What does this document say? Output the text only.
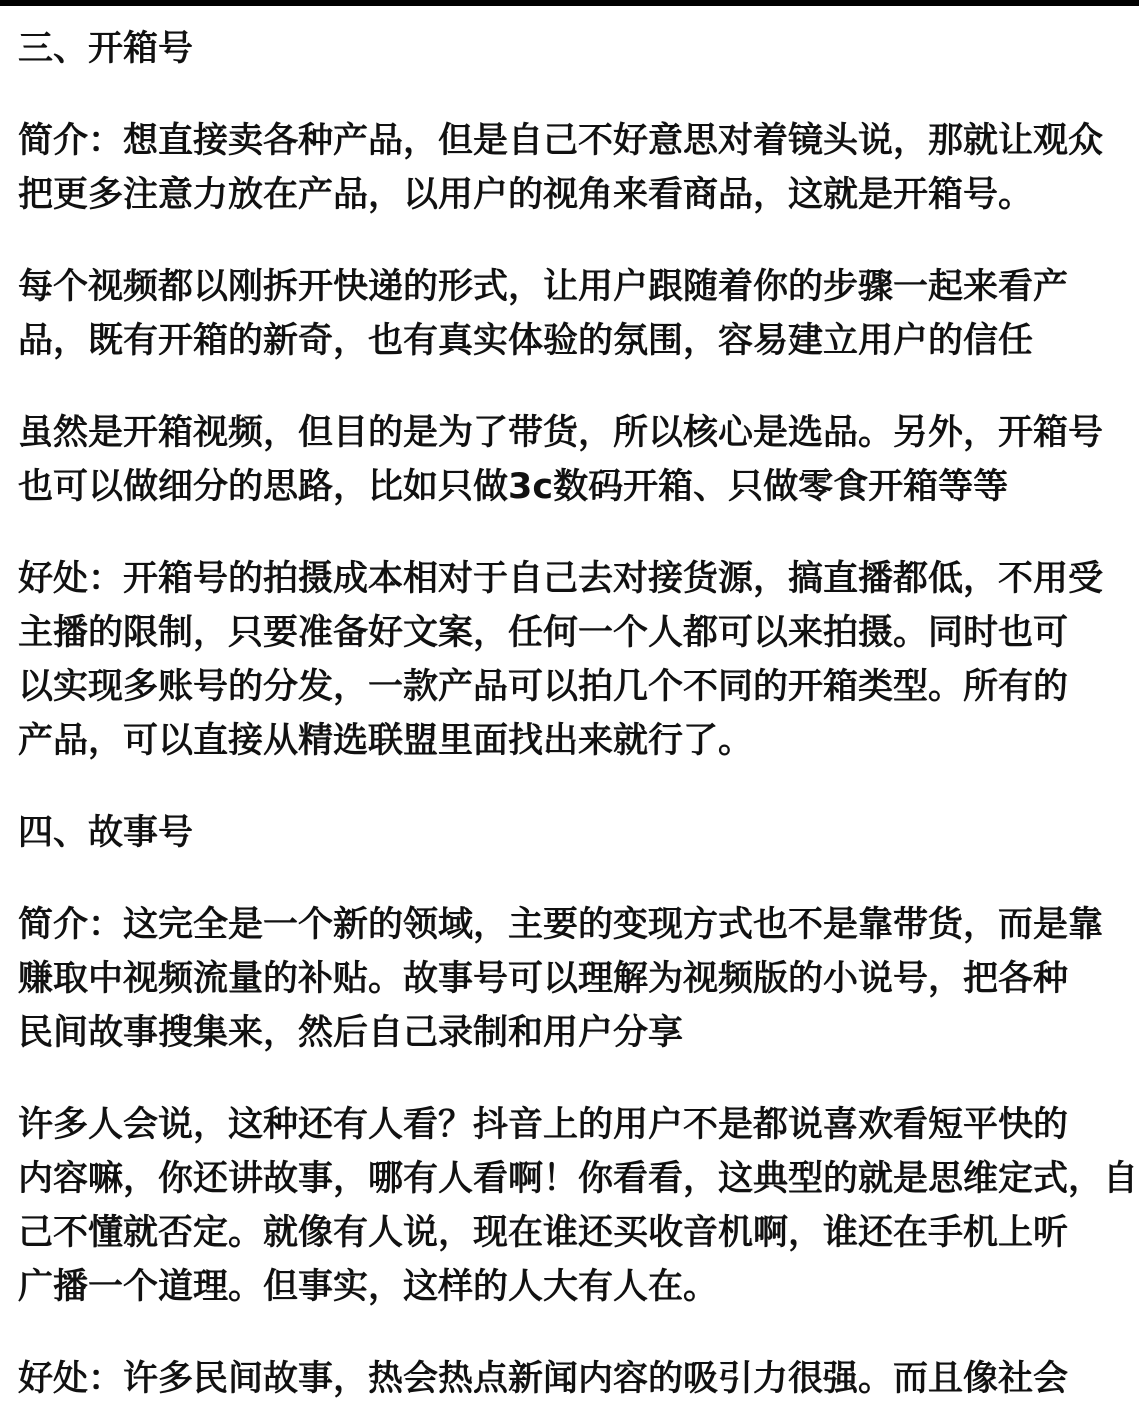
三、开箱号
简介：想直接卖各种产品，但是自己不好意思对着镜头说，那就让观众
把更多注意力放在产品，以用户的视角来看商品，这就是开箱号。
每个视频都以刚拆开快递的形式，让用户跟随着你的步骤一起来看产
品，既有开箱的新奇，也有真实体验的氛围，容易建立用户的信任
虽然是开箱视频，但目的是为了带货，所以核心是选品。另外，开箱号
也可以做细分的思路，比如只做3c数码开箱、只做零食开箱等等
好处：开箱号的拍摄成本相对于自己去对接货源，搞直播都低，不用受
主播的限制，只要准备好文案，任何一个人都可以来拍摄。同时也可
以实现多账号的分发，一款产品可以拍几个不同的开箱类型。所有的
产品，可以直接从精选联盟里面找出来就行了。
四、故事号
简介：这完全是一个新的领域，主要的变现方式也不是靠带货，而是靠
赚取中视频流量的补贴。故事号可以理解为视频版的小说号，把各种
民间故事搜集来，然后自己录制和用户分享
许多人会说，这种还有人看？抖音上的用户不是都说喜欢看短平快的
内容嘛，你还讲故事，哪有人看啊！你看看，这典型的就是思维定式，自
己不懂就否定。就像有人说，现在谁还买收音机啊，谁还在手机上听
广播一个道理。但事实，这样的人大有人在。
好处：许多民间故事，热会热点新闻内容的吸引力很强。而且像社会
